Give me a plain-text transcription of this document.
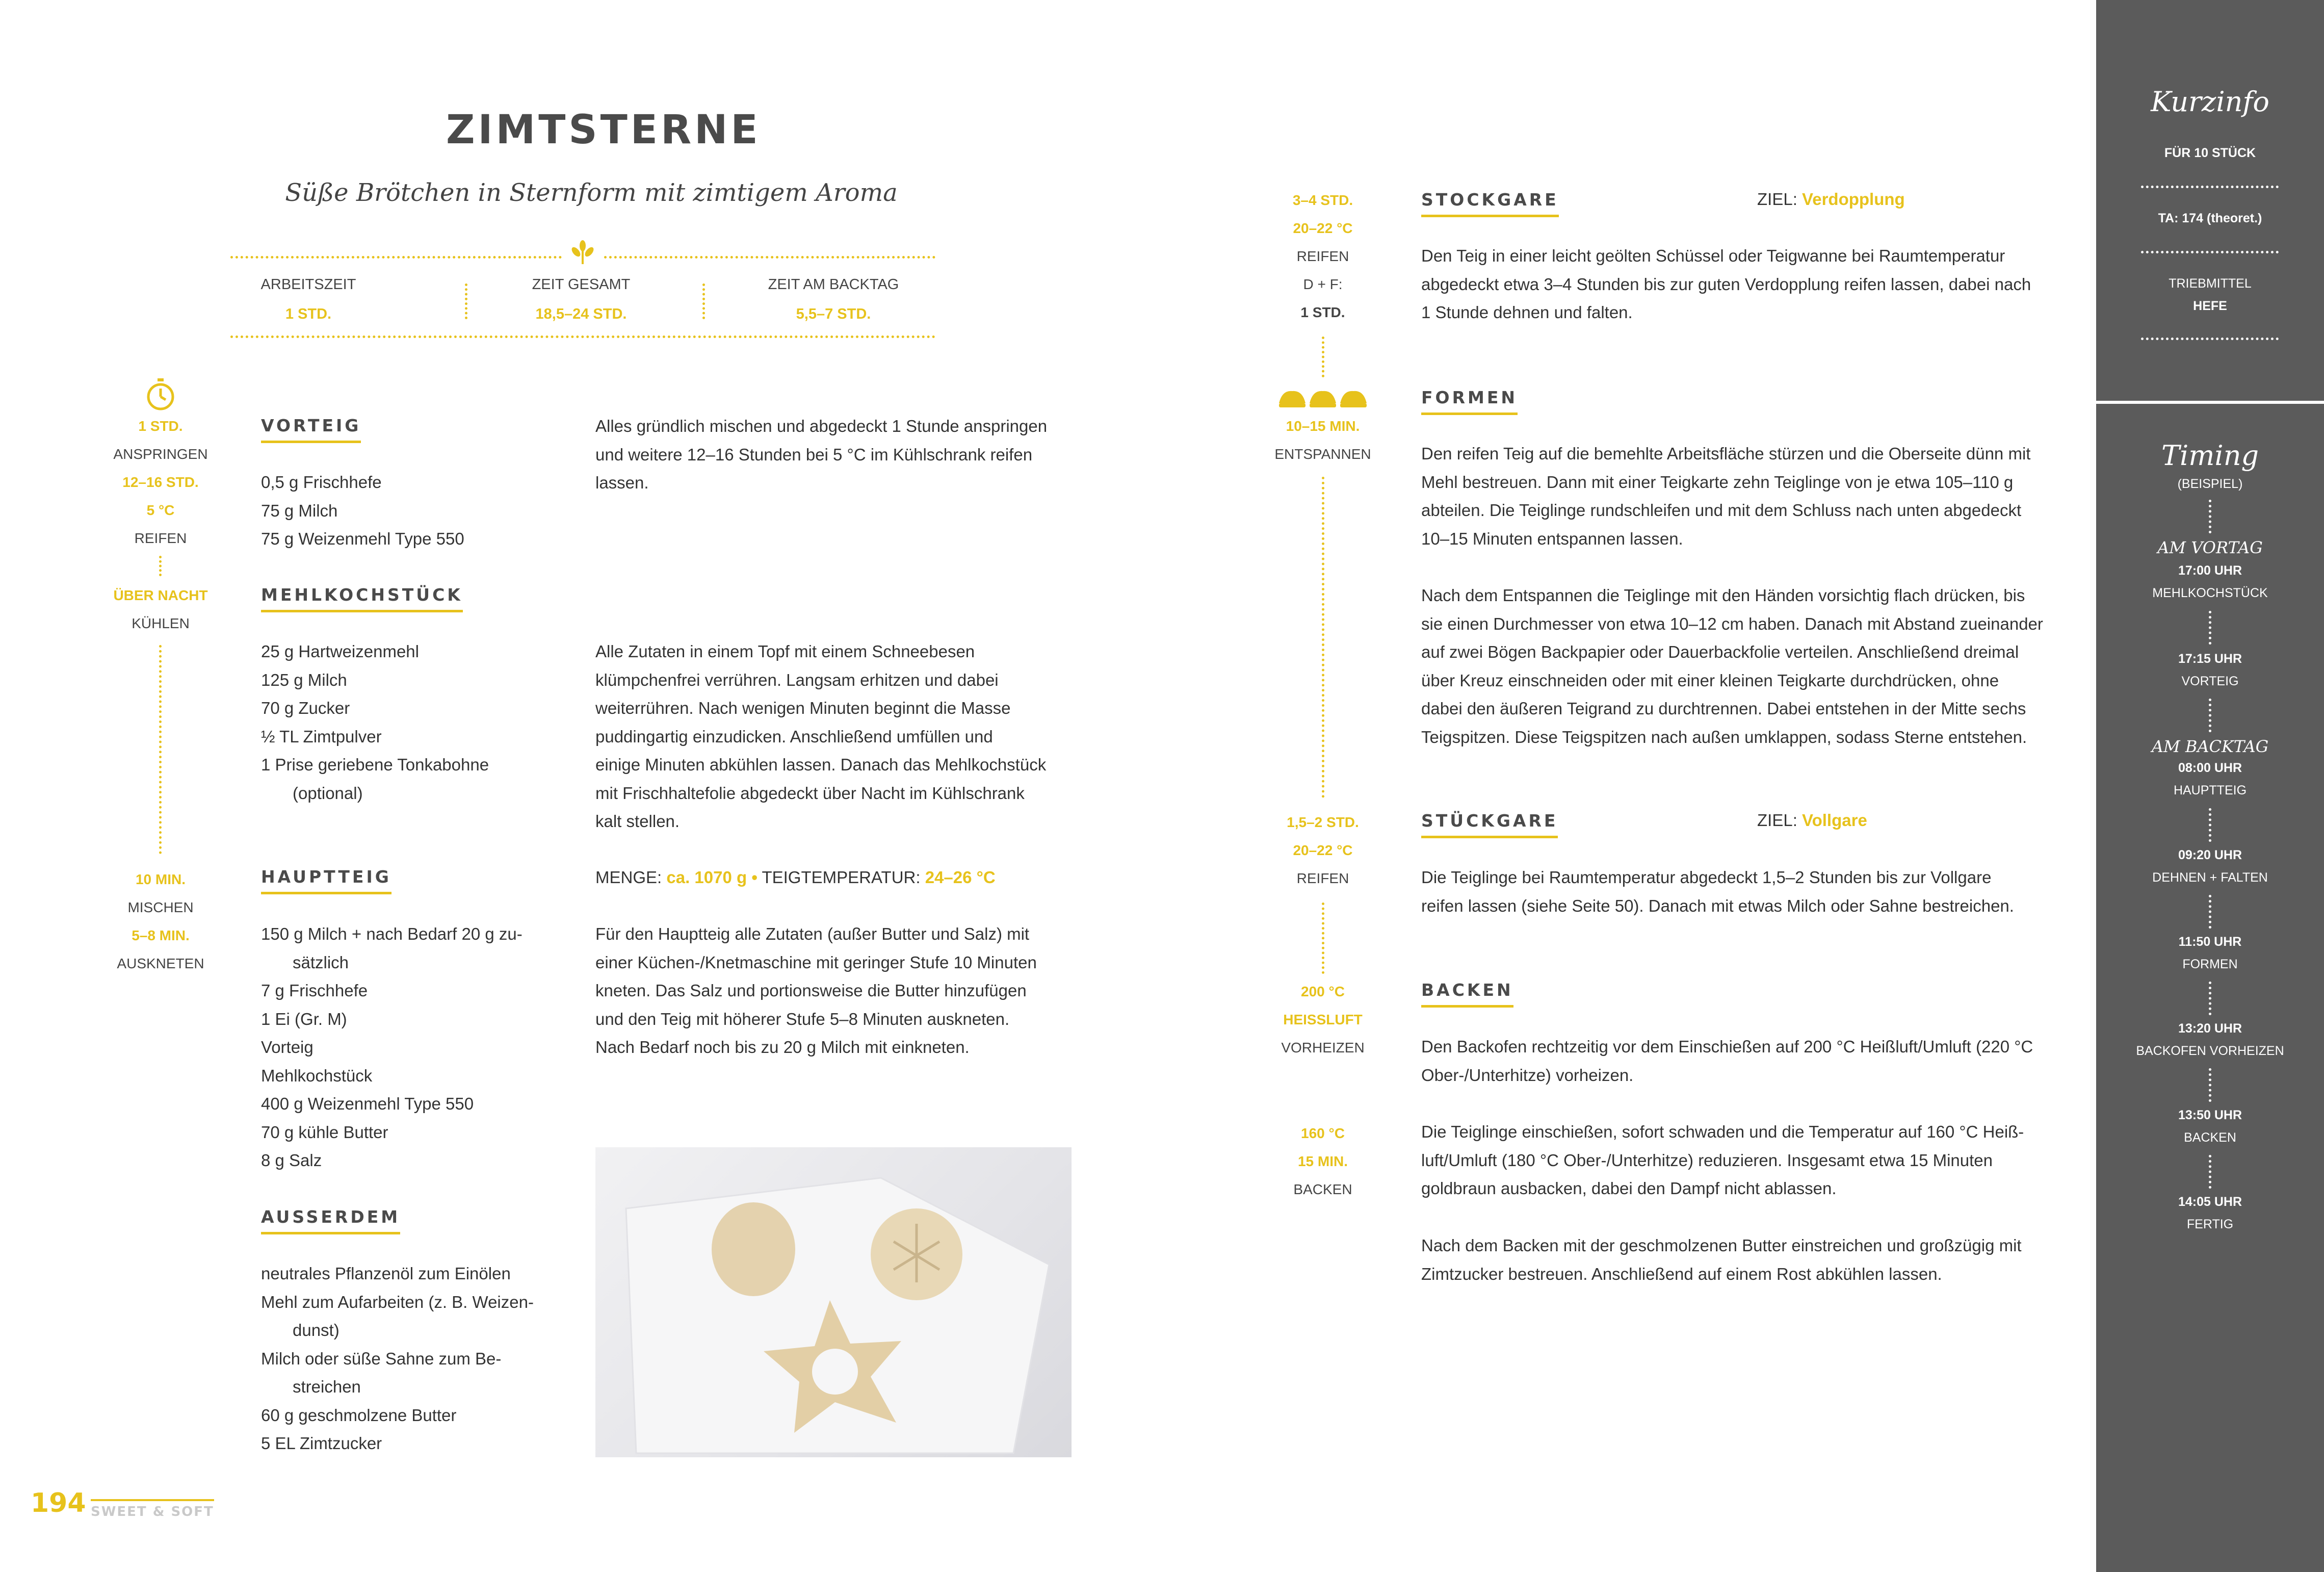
ZIMTSTERNE
Süße Brötchen in Sternform mit zimtigem Aroma
ARBEITSZEIT
1 STD.
ZEIT GESAMT
18,5–24 STD.
ZEIT AM BACKTAG
5,5–7 STD.
1 STD.
ANSPRINGEN
12–16 STD.
5 °C
REIFEN
ÜBER NACHT
KÜHLEN
10 MIN.
MISCHEN
5–8 MIN.
AUSKNETEN
VORTEIG
0,5 g Frischhefe
75 g Milch
75 g Weizenmehl Type 550
Alles gründlich mischen und abgedeckt 1 Stunde anspringen
und weitere 12–16 Stunden bei 5 °C im Kühlschrank reifen
lassen.
MEHLKOCHSTÜCK
25 g Hartweizenmehl
125 g Milch
70 g Zucker
½ TL Zimtpulver
1 Prise geriebene Tonkabohne
(optional)
Alle Zutaten in einem Topf mit einem Schneebesen
klümpchenfrei verrühren. Langsam erhitzen und dabei
weiterrühren. Nach wenigen Minuten beginnt die Masse
puddingartig einzudicken. Anschließend umfüllen und
einige Minuten abkühlen lassen. Danach das Mehlkochstück
mit Frischhaltefolie abgedeckt über Nacht im Kühlschrank
kalt stellen.
MENGE: ca. 1070 g • TEIGTEMPERATUR: 24–26 °C
HAUPTTEIG
150 g Milch + nach Bedarf 20 g zu-
sätzlich
7 g Frischhefe
1 Ei (Gr. M)
Vorteig
Mehlkochstück
400 g Weizenmehl Type 550
70 g kühle Butter
8 g Salz
Für den Hauptteig alle Zutaten (außer Butter und Salz) mit
einer Küchen-/Knetmaschine mit geringer Stufe 10 Minuten
kneten. Das Salz und portionsweise die Butter hinzufügen
und den Teig mit höherer Stufe 5–8 Minuten auskneten.
Nach Bedarf noch bis zu 20 g Milch mit einkneten.
AUSSERDEM
neutrales Pflanzenöl zum Einölen
Mehl zum Aufarbeiten (z. B. Weizen-
dunst)
Milch oder süße Sahne zum Be-
streichen
60 g geschmolzene Butter
5 EL Zimtzucker
3–4 STD.
20–22 °C
REIFEN
D + F:
1 STD.
10–15 MIN.
ENTSPANNEN
1,5–2 STD.
20–22 °C
REIFEN
200 °C
HEISSLUFT
VORHEIZEN
160 °C
15 MIN.
BACKEN
STOCKGARE	ZIEL: Verdopplung
Den Teig in einer leicht geölten Schüssel oder Teigwanne bei Raumtemperatur
abgedeckt etwa 3–4 Stunden bis zur guten Verdopplung reifen lassen, dabei nach
1 Stunde dehnen und falten.
FORMEN
Den reifen Teig auf die bemehlte Arbeitsfläche stürzen und die Oberseite dünn mit
Mehl bestreuen. Dann mit einer Teigkarte zehn Teiglinge von je etwa 105–110 g
abteilen. Die Teiglinge rundschleifen und mit dem Schluss nach unten abgedeckt
10–15 Minuten entspannen lassen.
Nach dem Entspannen die Teiglinge mit den Händen vorsichtig flach drücken, bis
sie einen Durchmesser von etwa 10–12 cm haben. Danach mit Abstand zueinander
auf zwei Bögen Backpapier oder Dauerbackfolie verteilen. Anschließend dreimal
über Kreuz einschneiden oder mit einer kleinen Teigkarte durchdrücken, ohne
dabei den äußeren Teigrand zu durchtrennen. Dabei entstehen in der Mitte sechs
Teigspitzen. Diese Teigspitzen nach außen umklappen, sodass Sterne entstehen.
STÜCKGARE	ZIEL: Vollgare
Die Teiglinge bei Raumtemperatur abgedeckt 1,5–2 Stunden bis zur Vollgare
reifen lassen (siehe Seite 50). Danach mit etwas Milch oder Sahne bestreichen.
BACKEN
Den Backofen rechtzeitig vor dem Einschießen auf 200 °C Heißluft/Umluft (220 °C
Ober-/Unterhitze) vorheizen.
Die Teiglinge einschießen, sofort schwaden und die Temperatur auf 160 °C Heiß-
luft/Umluft (180 °C Ober-/Unterhitze) reduzieren. Insgesamt etwa 15 Minuten
goldbraun ausbacken, dabei den Dampf nicht ablassen.
Nach dem Backen mit der geschmolzenen Butter einstreichen und großzügig mit
Zimtzucker bestreuen. Anschließend auf einem Rost abkühlen lassen.
Kurzinfo
FÜR 10 STÜCK
TA: 174 (theoret.)
TRIEBMITTEL
HEFE
Timing
(BEISPIEL)
AM VORTAG
17:00 UHR
MEHLKOCHSTÜCK
17:15 UHR
VORTEIG
AM BACKTAG
08:00 UHR
HAUPTTEIG
09:20 UHR
DEHNEN + FALTEN
11:50 UHR
FORMEN
13:20 UHR
BACKOFEN VORHEIZEN
13:50 UHR
BACKEN
14:05 UHR
FERTIG
194 SWEET & SOFT
